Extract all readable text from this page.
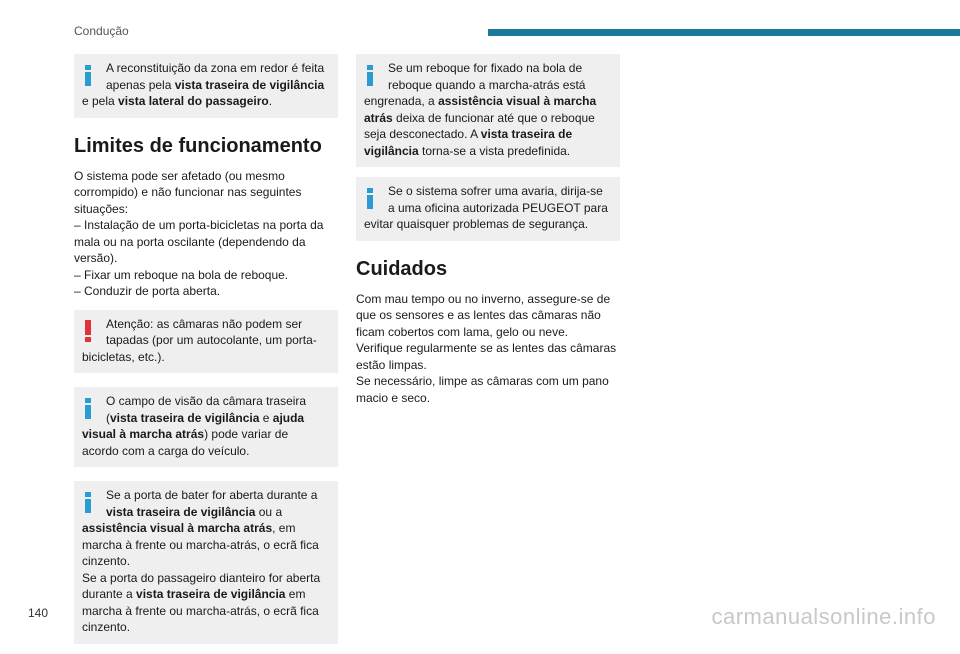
Condução
A reconstituição da zona em redor é feita apenas pela vista traseira de vigilância e pela vista lateral do passageiro.
Limites de funcionamento

O sistema pode ser afetado (ou mesmo corrompido) e não funcionar nas seguintes situações:

– Instalação de um porta-bicicletas na porta da mala ou na porta oscilante (dependendo da versão).

– Fixar um reboque na bola de reboque.

– Conduzir de porta aberta.

Atenção: as câmaras não podem ser tapadas (por um autocolante, um porta-bicicletas, etc.).
O campo de visão da câmara traseira (vista traseira de vigilância e ajuda visual à marcha atrás) pode variar de acordo com a carga do veículo.
Se a porta de bater for aberta durante a vista traseira de vigilância ou a assistência visual à marcha atrás, em marcha à frente ou marcha-atrás, o ecrã fica cinzento.
Se a porta do passageiro dianteiro for aberta durante a vista traseira de vigilância em marcha à frente ou marcha-atrás, o ecrã fica cinzento.
Se um reboque for fixado na bola de reboque quando a marcha-atrás está engrenada, a assistência visual à marcha atrás deixa de funcionar até que o reboque seja desconectado. A vista traseira de vigilância torna-se a vista predefinida.
Se o sistema sofrer uma avaria, dirija-se a uma oficina autorizada PEUGEOT para evitar quaisquer problemas de segurança.
Cuidados

Com mau tempo ou no inverno, assegure-se de que os sensores e as lentes das câmaras não ficam cobertos com lama, gelo ou neve.

Verifique regularmente se as lentes das câmaras estão limpas.

Se necessário, limpe as câmaras com um pano macio e seco.

140	carmanualsonline.info
